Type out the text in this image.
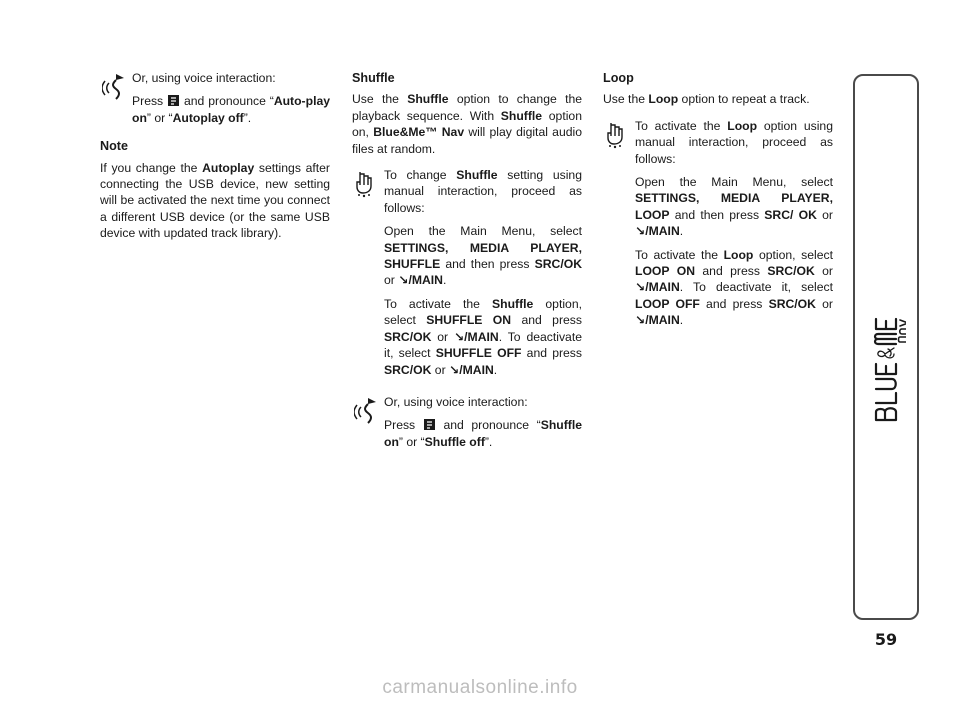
Or, using voice interaction:

Press and pronounce “Auto-play on” or “Autoplay off”.

Note

If you change the Autoplay settings after connecting the USB device, new setting will be activated the next time you connect a different USB device (or the same USB device with updated track library).

Shuffle

Use the Shuffle option to change the playback sequence. With Shuffle option on, Blue&Me™ Nav will play digital audio files at random.

To change Shuffle setting using manual interaction, proceed as follows:

Open the Main Menu, select SETTINGS, MEDIA PLAYER, SHUFFLE and then press SRC/OK or ↘/MAIN.

To activate the Shuffle option, select SHUFFLE ON and press SRC/OK or ↘/MAIN. To deactivate it, select SHUFFLE OFF and press SRC/OK or ↘/MAIN.

Or, using voice interaction:

Press and pronounce “Shuffle on” or “Shuffle off”.

Loop

Use the Loop option to repeat a track.

To activate the Loop option using manual interaction, proceed as follows:

Open the Main Menu, select SETTINGS, MEDIA PLAYER, LOOP and then press SRC/ OK or ↘/MAIN.

To activate the Loop option, select LOOP ON and press SRC/OK or ↘/MAIN. To deactivate it, select LOOP OFF and press SRC/OK or ↘/MAIN.

59
carmanualsonline.info
